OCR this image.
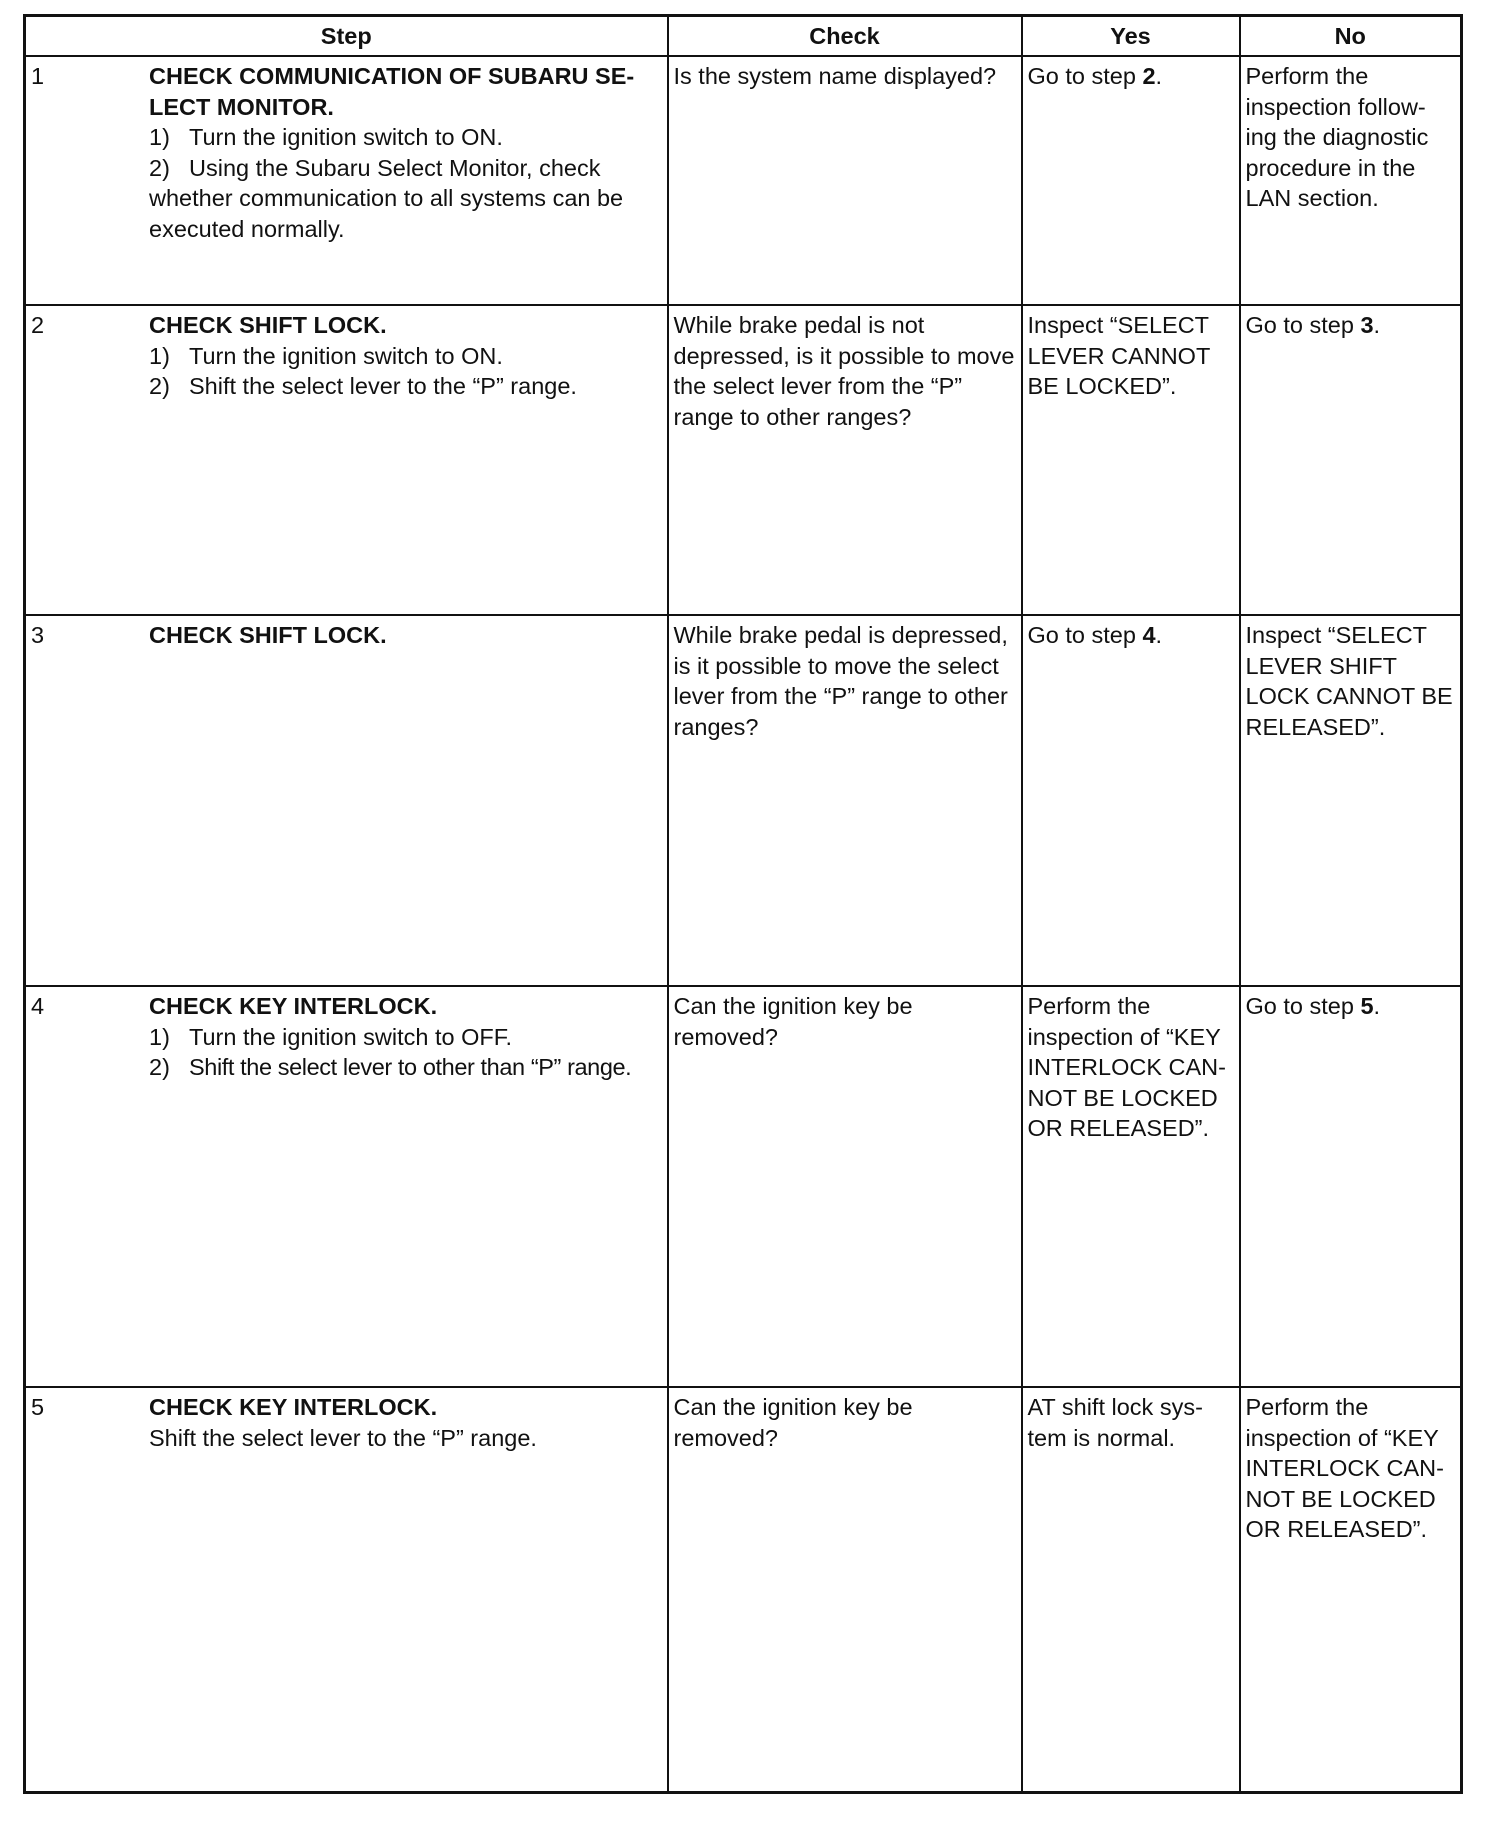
Step	Check	Yes	No

1 CHECK COMMUNICATION OF SUBARU SE-LECT MONITOR.
1) Turn the ignition switch to ON.
2) Using the Subaru Select Monitor, check whether communication to all systems can be executed normally.	Is the system name displayed?	Go to step 2.	Perform the inspection follow-ing the diagnostic procedure in the LAN section.

2 CHECK SHIFT LOCK.
1) Turn the ignition switch to ON.
2) Shift the select lever to the “P” range.	While brake pedal is not depressed, is it possible to move the select lever from the “P” range to other ranges?	Inspect “SELECT LEVER CANNOT BE LOCKED”.	Go to step 3.

3 CHECK SHIFT LOCK.	While brake pedal is depressed, is it possible to move the select lever from the “P” range to other ranges?	Go to step 4.	Inspect “SELECT LEVER SHIFT LOCK CANNOT BE RELEASED”.

4 CHECK KEY INTERLOCK.
1) Turn the ignition switch to OFF.
2) Shift the select lever to other than “P” range.	Can the ignition key be removed?	Perform the inspection of “KEY INTERLOCK CAN-NOT BE LOCKED OR RELEASED”.	Go to step 5.

5 CHECK KEY INTERLOCK.
Shift the select lever to the “P” range.	Can the ignition key be removed?	AT shift lock sys-tem is normal.	Perform the inspection of “KEY INTERLOCK CAN-NOT BE LOCKED OR RELEASED”.
